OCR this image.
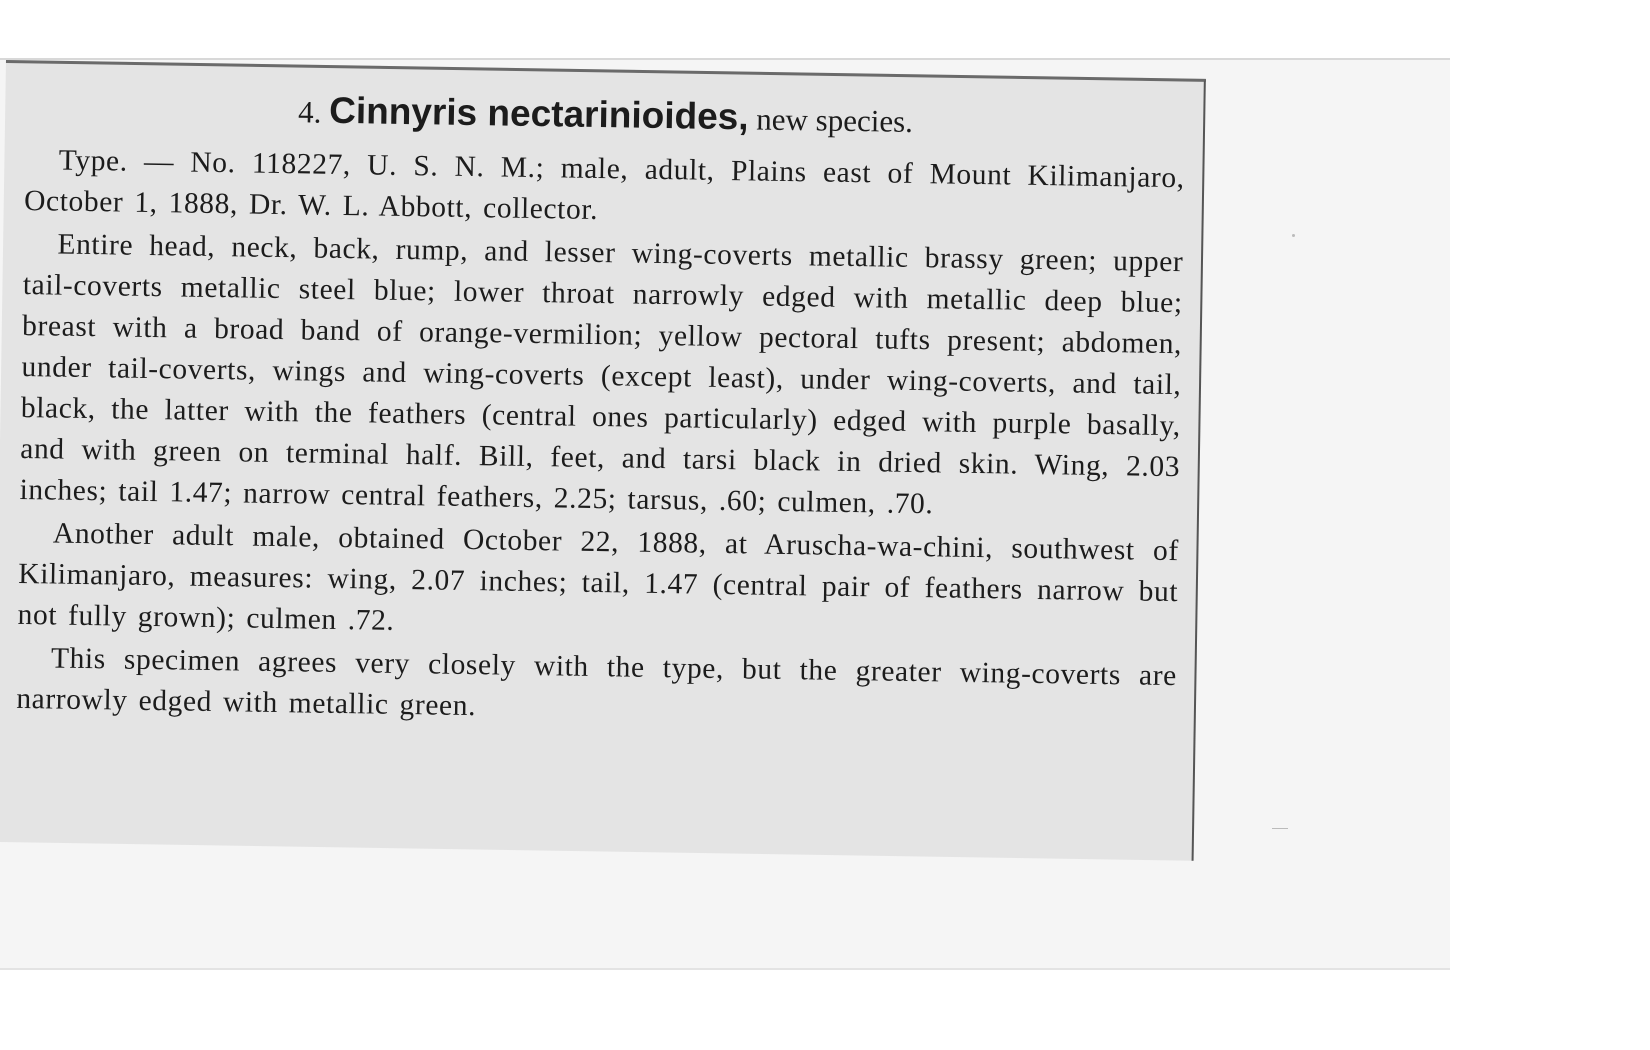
4. Cinnyris nectarinioides, new species.

Type. — No. 118227, U. S. N. M.; male, adult, Plains east of Mount Kilimanjaro, October 1, 1888, Dr. W. L. Abbott, collector.

Entire head, neck, back, rump, and lesser wing-coverts metallic brassy green; upper tail-coverts metallic steel blue; lower throat narrowly edged with metallic deep blue; breast with a broad band of orange-vermilion; yellow pectoral tufts present; abdomen, under tail-coverts, wings and wing-coverts (except least), under wing-coverts, and tail, black, the latter with the feathers (central ones particularly) edged with purple basally, and with green on terminal half. Bill, feet, and tarsi black in dried skin. Wing, 2.03 inches; tail 1.47; narrow central feathers, 2.25; tarsus, .60; culmen, .70.

Another adult male, obtained October 22, 1888, at Aruscha-wa-chini, southwest of Kilimanjaro, measures: wing, 2.07 inches; tail, 1.47 (central pair of feathers narrow but not fully grown); culmen .72.

This specimen agrees very closely with the type, but the greater wing-coverts are narrowly edged with metallic green.
